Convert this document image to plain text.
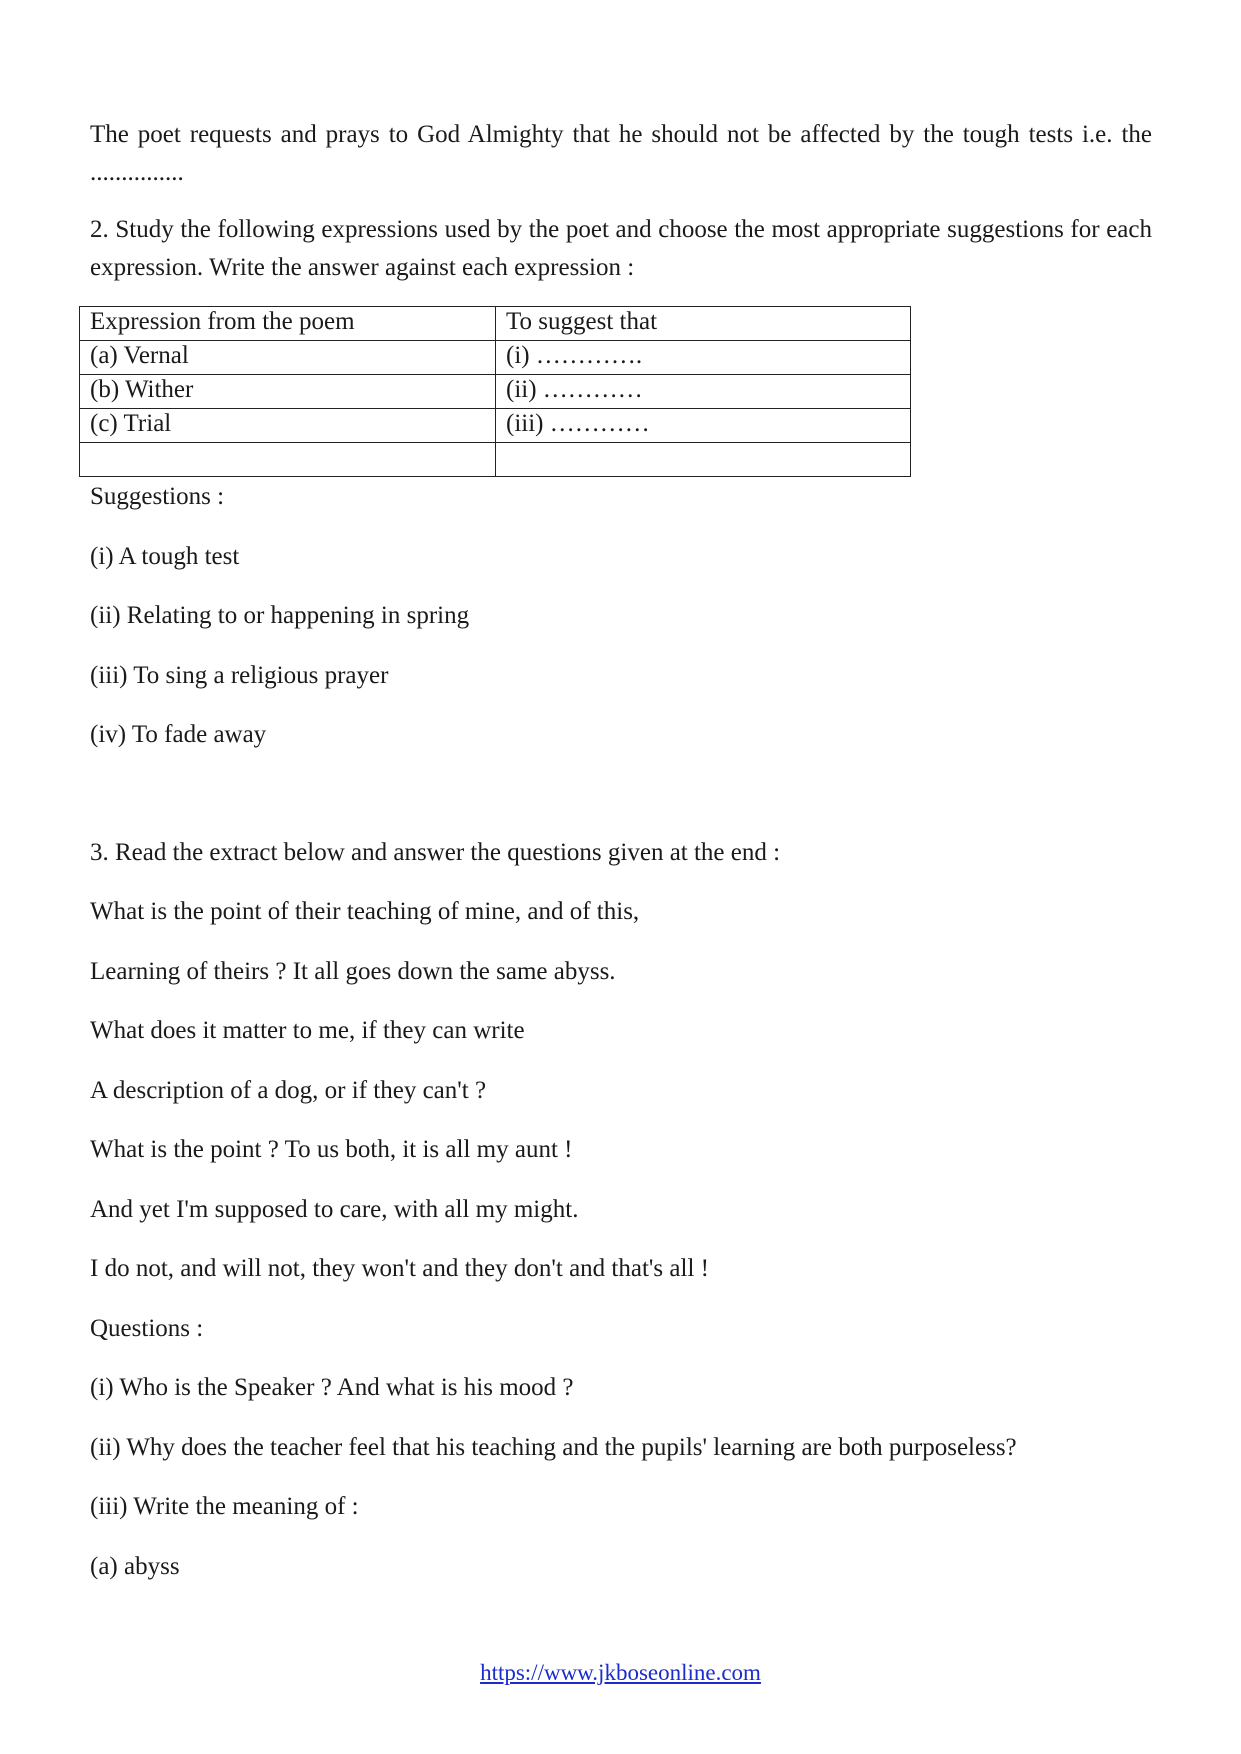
The poet requests and prays to God Almighty that he should not be affected by the tough tests i.e. the ...............

2. Study the following expressions used by the poet and choose the most appropriate suggestions for each expression. Write the answer against each expression :

Expression from the poem	To suggest that
(a) Vernal	(i) ………….
(b) Wither	(ii) …………
(c) Trial	(iii) …………

Suggestions :

(i) A tough test

(ii) Relating to or happening in spring

(iii) To sing a religious prayer

(iv) To fade away

3. Read the extract below and answer the questions given at the end :

What is the point of their teaching of mine, and of this,

Learning of theirs ? It all goes down the same abyss.

What does it matter to me, if they can write

A description of a dog, or if they can't ?

What is the point ? To us both, it is all my aunt !

And yet I'm supposed to care, with all my might.

I do not, and will not, they won't and they don't and that's all !

Questions :

(i) Who is the Speaker ? And what is his mood ?

(ii) Why does the teacher feel that his teaching and the pupils' learning are both purposeless?

(iii) Write the meaning of :

(a) abyss

https://www.jkboseonline.com
